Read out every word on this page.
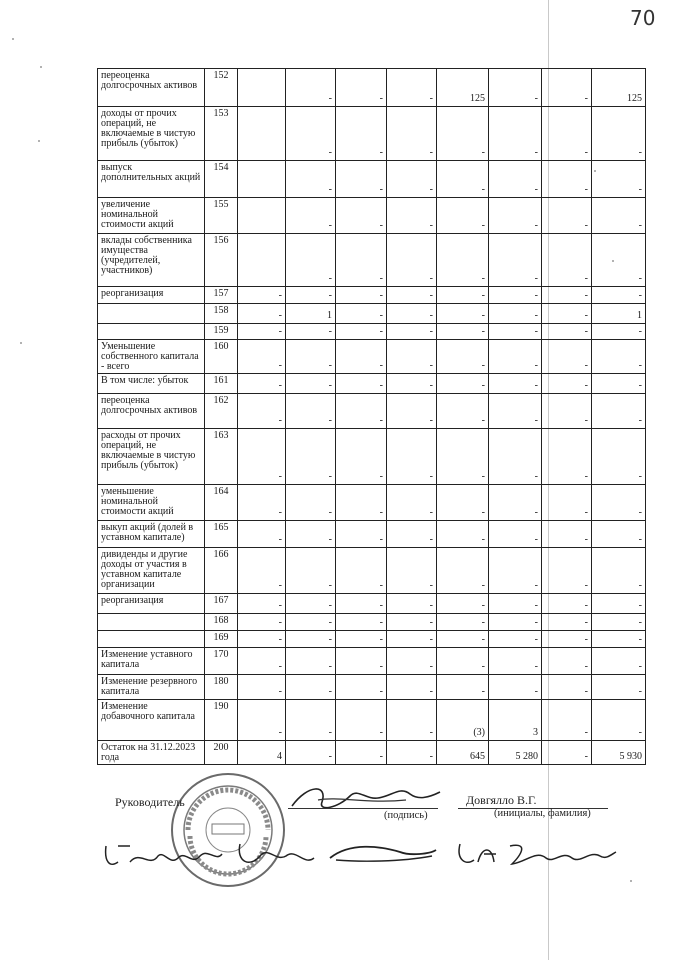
70
переоценка долгосрочных активов	152		-	-	-	125	-	-	125
доходы от прочих операций, не включаемые в чистую прибыль (убыток)	153		-	-	-	-	-	-	-
выпуск дополнительных акций	154		-	-	-	-	-	-	-
увеличение номинальной стоимости акций	155		-	-	-	-	-	-	-
вклады собственника имущества (учредителей, участников)	156		-	-	-	-	-	-	-
реорганизация	157	-	-	-	-	-	-	-	-
	158	-	1	-	-	-	-	-	1
	159	-	-	-	-	-	-	-	-
Уменьшение собственного капитала - всего	160	-	-	-	-	-	-	-	-
В том числе: убыток	161	-	-	-	-	-	-	-	-
переоценка долгосрочных активов	162	-	-	-	-	-	-	-	-
расходы от прочих операций, не включаемые в чистую прибыль (убыток)	163	-	-	-	-	-	-	-	-
уменьшение номинальной стоимости акций	164	-	-	-	-	-	-	-	-
выкуп акций (долей в уставном капитале)	165	-	-	-	-	-	-	-	-
дивиденды и другие доходы от участия в уставном капитале организации	166	-	-	-	-	-	-	-	-
реорганизация	167	-	-	-	-	-	-	-	-
	168	-	-	-	-	-	-	-	-
	169	-	-	-	-	-	-	-	-
Изменение уставного капитала	170	-	-	-	-	-	-	-	-
Изменение резервного капитала	180	-	-	-	-	-	-	-	-
Изменение добавочного капитала	190	-	-	-	-	(3)	3	-	-
Остаток на 31.12.2023 года	200	4	-	-	-	645	5 280	-	5 930
Руководитель	Довгялло В.Г.
(подпись)	(инициалы, фамилия)
